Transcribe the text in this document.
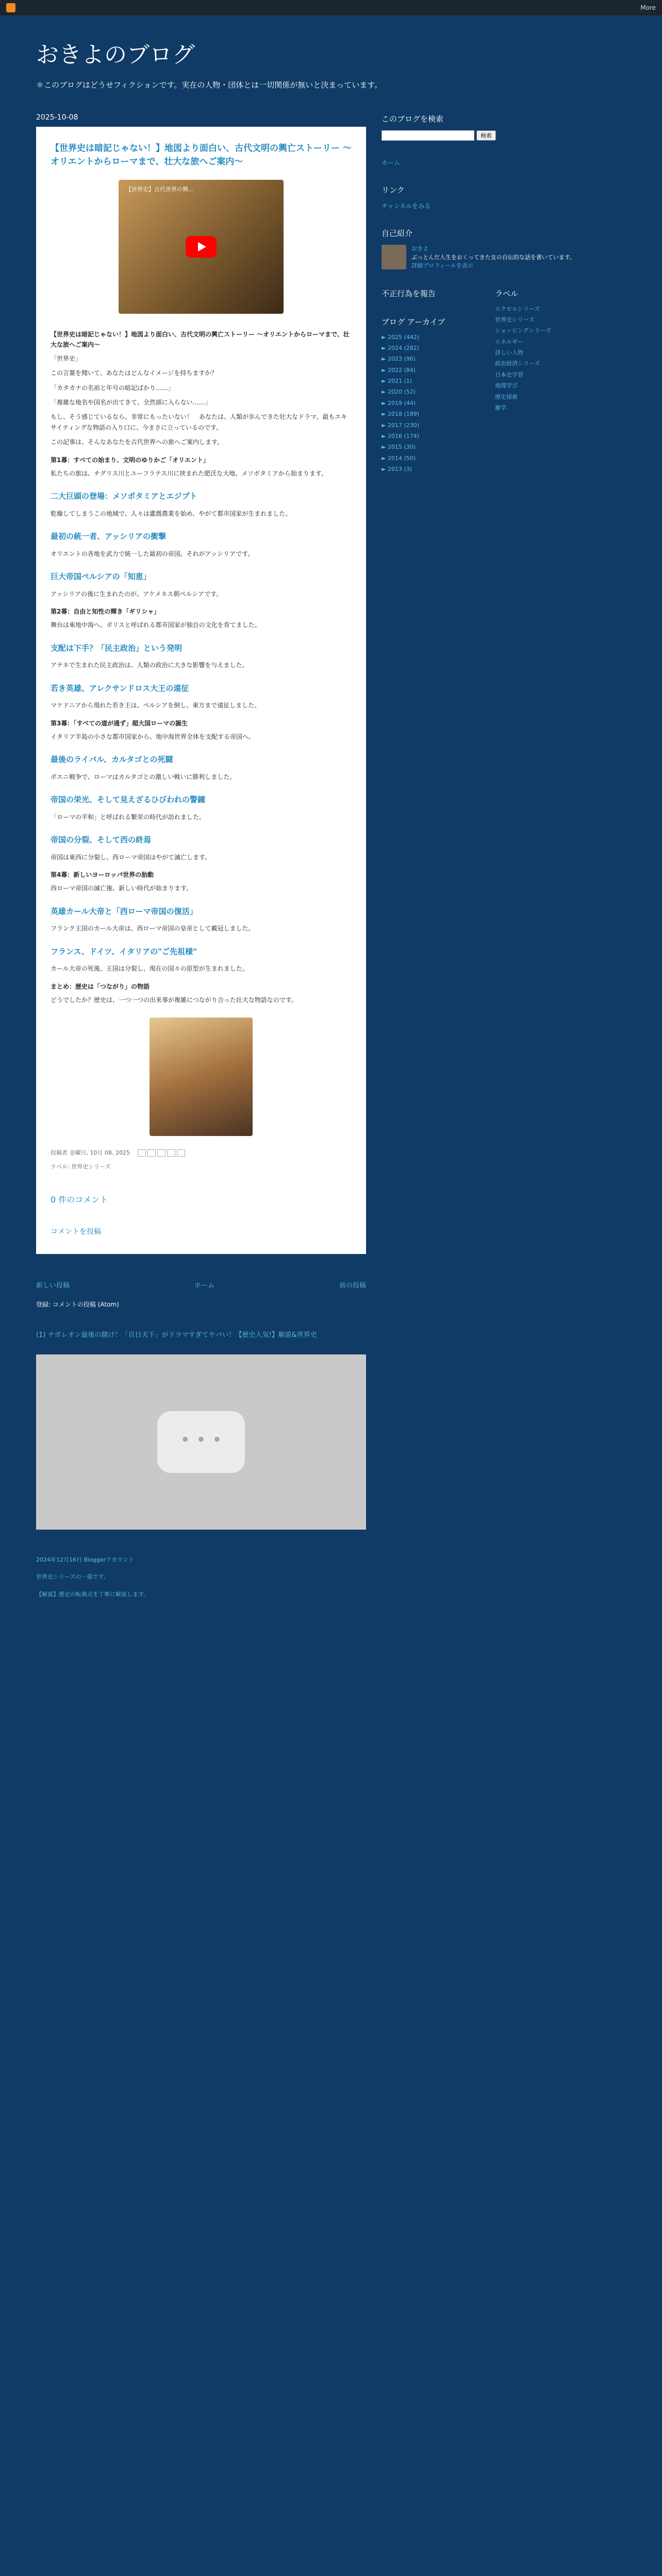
More
おきよのブログ

＊このブログはどうせフィクションです。実在の人物・団体とは一切関係が無いと決まっています。

2025-10-08
【世界史は暗記じゃない！】地図より面白い、古代文明の興亡ストーリー ～オリエントからローマまで、壮大な旅へご案内～
【世界史】古代世界の興...
【世界史は暗記じゃない！】地図より面白い、古代文明の興亡ストーリー ～オリエントからローマまで、壮大な旅へご案内～

「世界史」

この言葉を聞いて、あなたはどんなイメージを持ちますか？

「カタカナの名前と年号の暗記ばかり……」

「複雑な地名や国名が出てきて、全然頭に入らない……」

もし、そう感じているなら、非常にもったいない！　あなたは、人類が歩んできた壮大なドラマ、最もエキサイティングな物語の入り口に、今まさに立っているのです。

この記事は、そんなあなたを古代世界への旅へご案内します。

第1幕：すべての始まり、文明のゆりかご「オリエント」

私たちの旅は、チグリス川とユーフラテス川に挟まれた肥沃な大地、メソポタミアから始まります。

二大巨頭の登場：メソポタミアとエジプト

乾燥してしまうこの地域で、人々は灌漑農業を始め、やがて都市国家が生まれました。

最初の統一者、アッシリアの衝撃

オリエントの各地を武力で統一した最初の帝国、それがアッシリアです。

巨大帝国ペルシアの「知恵」

アッシリアの後に生まれたのが、アケメネス朝ペルシアです。

第2幕：自由と知性の輝き「ギリシャ」

舞台は東地中海へ。ポリスと呼ばれる都市国家が独自の文化を育てました。

支配は下手？「民主政治」という発明

アテネで生まれた民主政治は、人類の政治に大きな影響を与えました。

若き英雄、アレクサンドロス大王の遠征

マケドニアから現れた若き王は、ペルシアを倒し、東方まで遠征しました。

第3幕：「すべての道が通ず」超大国ローマの誕生

イタリア半島の小さな都市国家から、地中海世界全体を支配する帝国へ。

最後のライバル、カルタゴとの死闘

ポエニ戦争で、ローマはカルタゴとの激しい戦いに勝利しました。

帝国の栄光、そして見えざるひびわれの警鐘

「ローマの平和」と呼ばれる繁栄の時代が訪れました。

帝国の分裂、そして西の終焉

帝国は東西に分裂し、西ローマ帝国はやがて滅亡します。

第4幕：新しいヨーロッパ世界の胎動

西ローマ帝国の滅亡後、新しい時代が始まります。

英雄カール大帝と「西ローマ帝国の復活」

フランク王国のカール大帝は、西ローマ帝国の皇帝として戴冠しました。

フランス、ドイツ、イタリアの"ご先祖様"

カール大帝の死後、王国は分裂し、現在の国々の原型が生まれました。

まとめ：歴史は「つながり」の物語

どうでしたか？歴史は、一つ一つの出来事が複雑につながり合った壮大な物語なのです。

投稿者 金曜日, 10月 08, 2025
ラベル: 世界史シリーズ
0 件のコメント
コメントを投稿
新しい投稿	ホーム	前の投稿
登録: コメントの投稿 (Atom)
このブログを検索
検索
ホーム
リンク
チャンネルをみる
自己紹介
おきよ
ぶっとんだ人生をおくってきた女の自伝的な話を書いています。
詳細プロフィールを表示
不正行為を報告
ブログ アーカイブ
► 2025 (442)
► 2024 (282)
► 2023 (96)
► 2022 (84)
► 2021 (1)
► 2020 (52)
► 2019 (44)
► 2018 (189)
► 2017 (230)
► 2016 (174)
► 2015 (30)
► 2014 (50)
► 2013 (3)
ラベル
エクセルシリーズ
世界史シリーズ
ショッピングシリーズ
エネルギー
詳しい人物
政治経済シリーズ
日本史学習
地理学び
歴史探索
雑学
(1) ナポレオン最後の賭け！「百日天下」がドラマすぎてヤバい！【歴史人気!】解説&世界史
• • •

2024年12月16日 Bloggerアカウント

世界史シリーズの一部です。

【解説】歴史の転換点を丁寧に解説します。
